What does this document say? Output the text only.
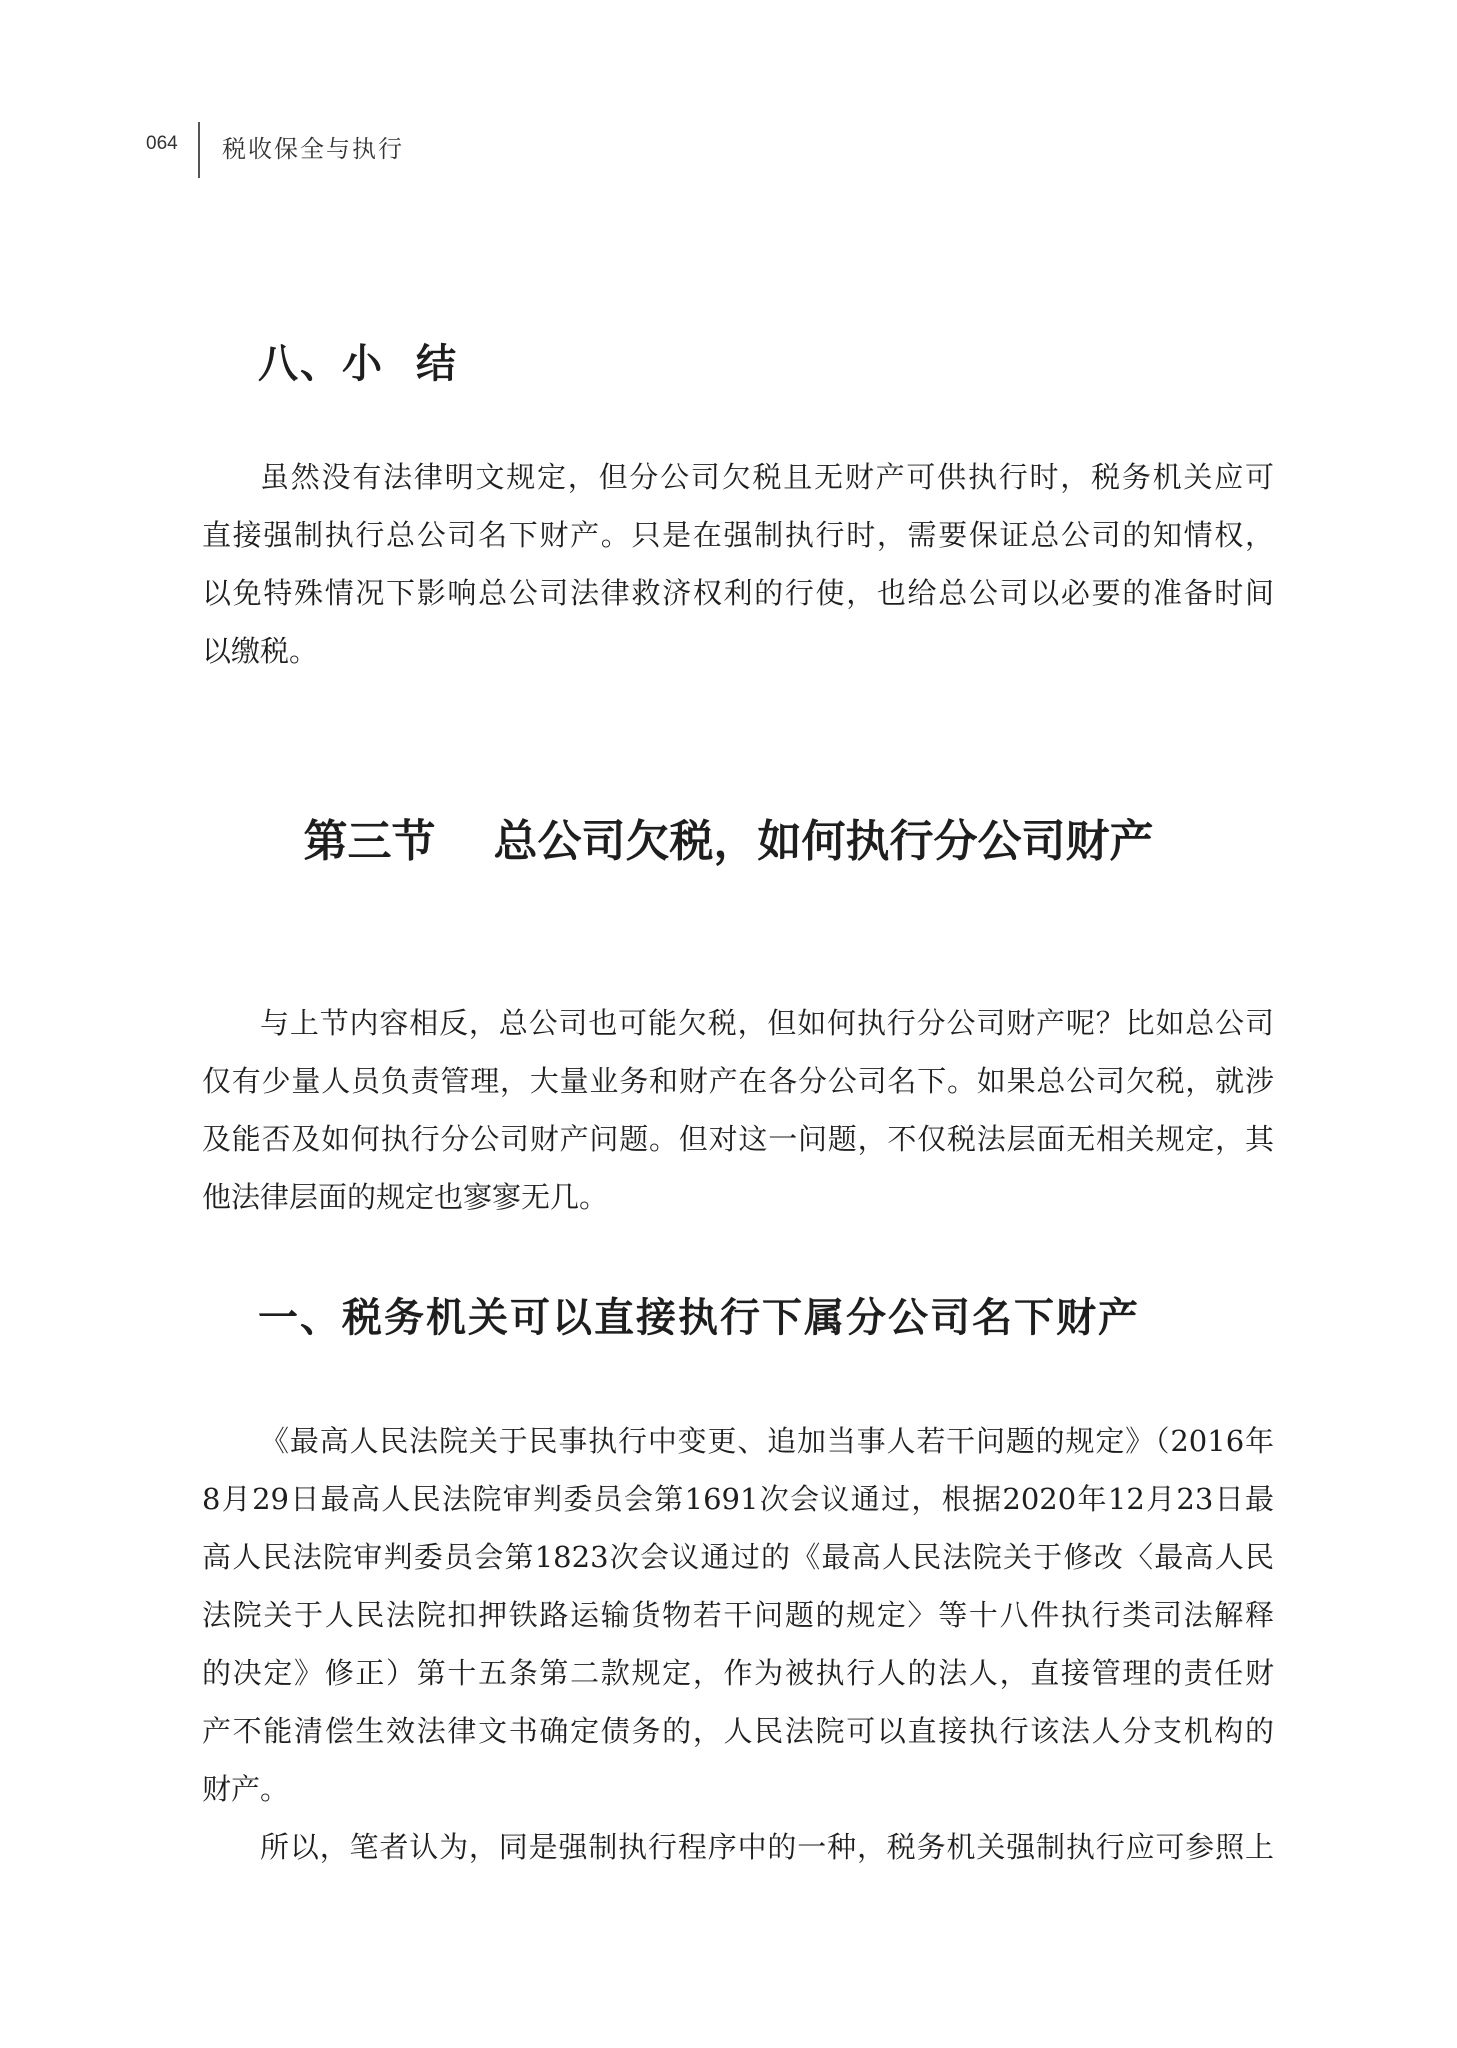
064 税收保全与执行
八、小结
虽然没有法律明文规定，但分公司欠税且无财产可供执行时，税务机关应可
直接强制执行总公司名下财产。只是在强制执行时，需要保证总公司的知情权，
以免特殊情况下影响总公司法律救济权利的行使，也给总公司以必要的准备时间
以缴税。
第三节 总公司欠税，如何执行分公司财产
与上节内容相反，总公司也可能欠税，但如何执行分公司财产呢？比如总公司
仅有少量人员负责管理，大量业务和财产在各分公司名下。如果总公司欠税，就涉
及能否及如何执行分公司财产问题。但对这一问题，不仅税法层面无相关规定，其
他法律层面的规定也寥寥无几。
一、税务机关可以直接执行下属分公司名下财产
《最高人民法院关于民事执行中变更、追加当事人若干问题的规定》（2016年
8月29日最高人民法院审判委员会第1691次会议通过，根据2020年12月23日最
高人民法院审判委员会第1823次会议通过的《最高人民法院关于修改〈最高人民
法院关于人民法院扣押铁路运输货物若干问题的规定〉等十八件执行类司法解释
的决定》修正）第十五条第二款规定，作为被执行人的法人，直接管理的责任财
产不能清偿生效法律文书确定债务的，人民法院可以直接执行该法人分支机构的
财产。
所以，笔者认为，同是强制执行程序中的一种，税务机关强制执行应可参照上
